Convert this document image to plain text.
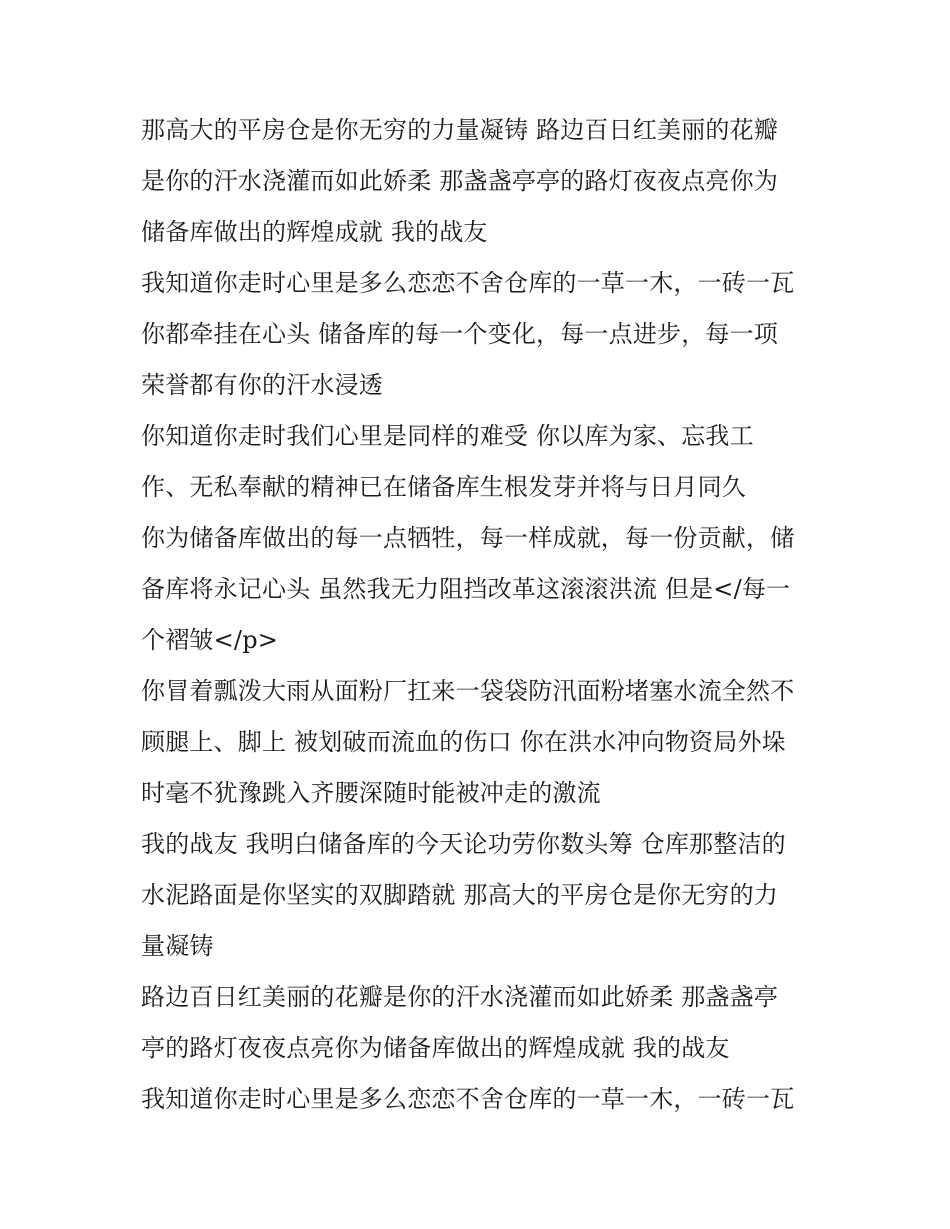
那高大的平房仓是你无穷的力量凝铸 路边百日红美丽的花瓣
是你的汗水浇灌而如此娇柔 那盏盏亭亭的路灯夜夜点亮你为
储备库做出的辉煌成就 我的战友
我知道你走时心里是多么恋恋不舍仓库的一草一木，一砖一瓦
你都牵挂在心头 储备库的每一个变化，每一点进步，每一项
荣誉都有你的汗水浸透
你知道你走时我们心里是同样的难受 你以库为家、忘我工
作、无私奉献的精神已在储备库生根发芽并将与日月同久
你为储备库做出的每一点牺牲，每一样成就，每一份贡献，储
备库将永记心头 虽然我无力阻挡改革这滚滚洪流 但是</每一
个褶皱</p>
你冒着瓢泼大雨从面粉厂扛来一袋袋防汛面粉堵塞水流全然不
顾腿上、脚上 被划破而流血的伤口 你在洪水冲向物资局外垛
时毫不犹豫跳入齐腰深随时能被冲走的激流
我的战友 我明白储备库的今天论功劳你数头筹 仓库那整洁的
水泥路面是你坚实的双脚踏就 那高大的平房仓是你无穷的力
量凝铸
路边百日红美丽的花瓣是你的汗水浇灌而如此娇柔 那盏盏亭
亭的路灯夜夜点亮你为储备库做出的辉煌成就 我的战友
我知道你走时心里是多么恋恋不舍仓库的一草一木，一砖一瓦
